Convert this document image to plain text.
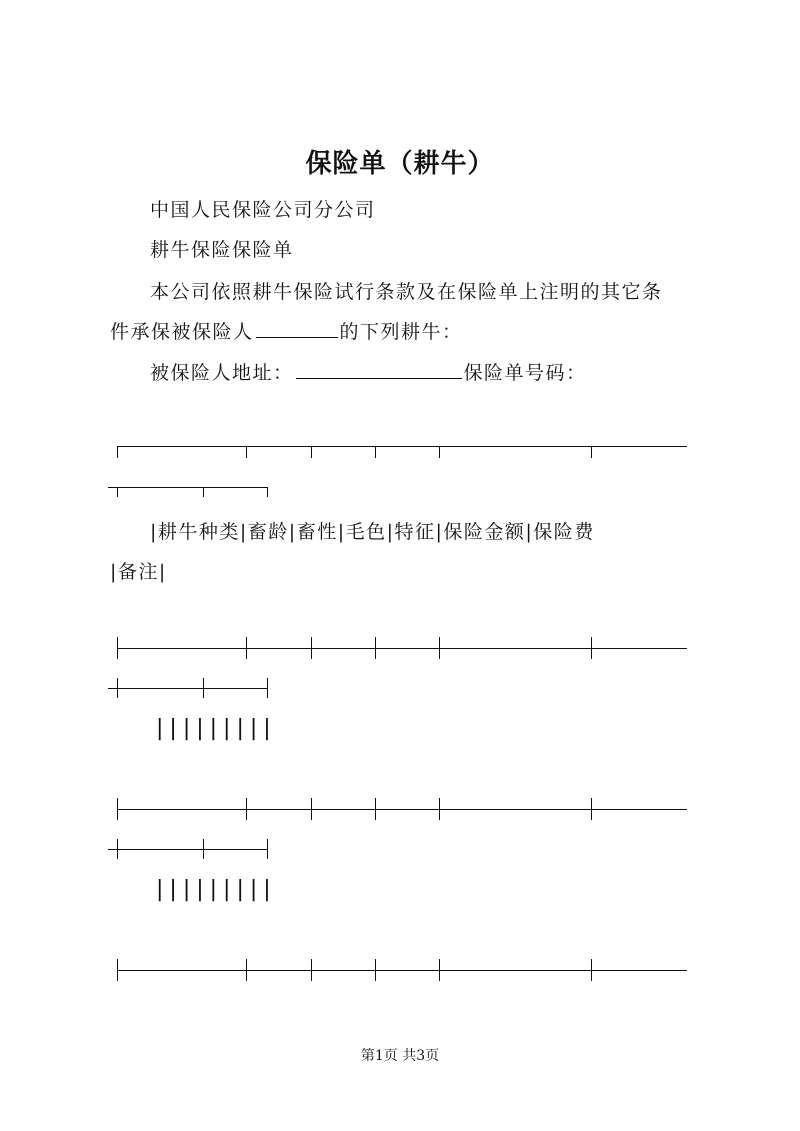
保险单（耕牛）
中国人民保险公司分公司
耕牛保险保险单
本公司依照耕牛保险试行条款及在保险单上注明的其它条
件承保被保险人	的下列耕牛：
被保险人地址：	保险单号码：
|耕牛种类|畜龄|畜性|毛色|特征|保险金额|保险费
|备注|
|||||||||
|||||||||
第1页 共3页
